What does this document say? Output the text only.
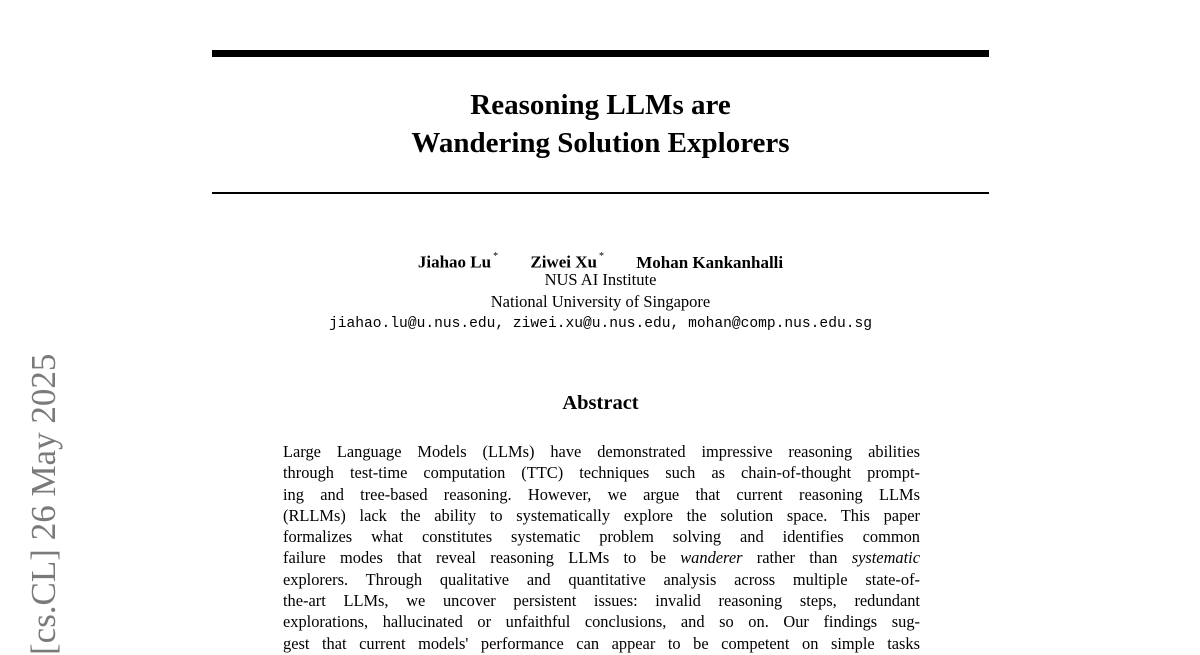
[cs.CL] 26 May 2025
Reasoning LLMs are
Wandering Solution Explorers
Jiahao Lu * Ziwei Xu * Mohan Kankanhalli
NUS AI Institute
National University of Singapore
jiahao.lu@u.nus.edu, ziwei.xu@u.nus.edu, mohan@comp.nus.edu.sg
Abstract
Large Language Models (LLMs) have demonstrated impressive reasoning abilities
through test-time computation (TTC) techniques such as chain-of-thought prompt-
ing and tree-based reasoning. However, we argue that current reasoning LLMs
(RLLMs) lack the ability to systematically explore the solution space. This paper
formalizes what constitutes systematic problem solving and identifies common
failure modes that reveal reasoning LLMs to be wanderer rather than systematic
explorers. Through qualitative and quantitative analysis across multiple state-of-
the-art LLMs, we uncover persistent issues: invalid reasoning steps, redundant
explorations, hallucinated or unfaithful conclusions, and so on. Our findings sug-
gest that current models' performance can appear to be competent on simple tasks
